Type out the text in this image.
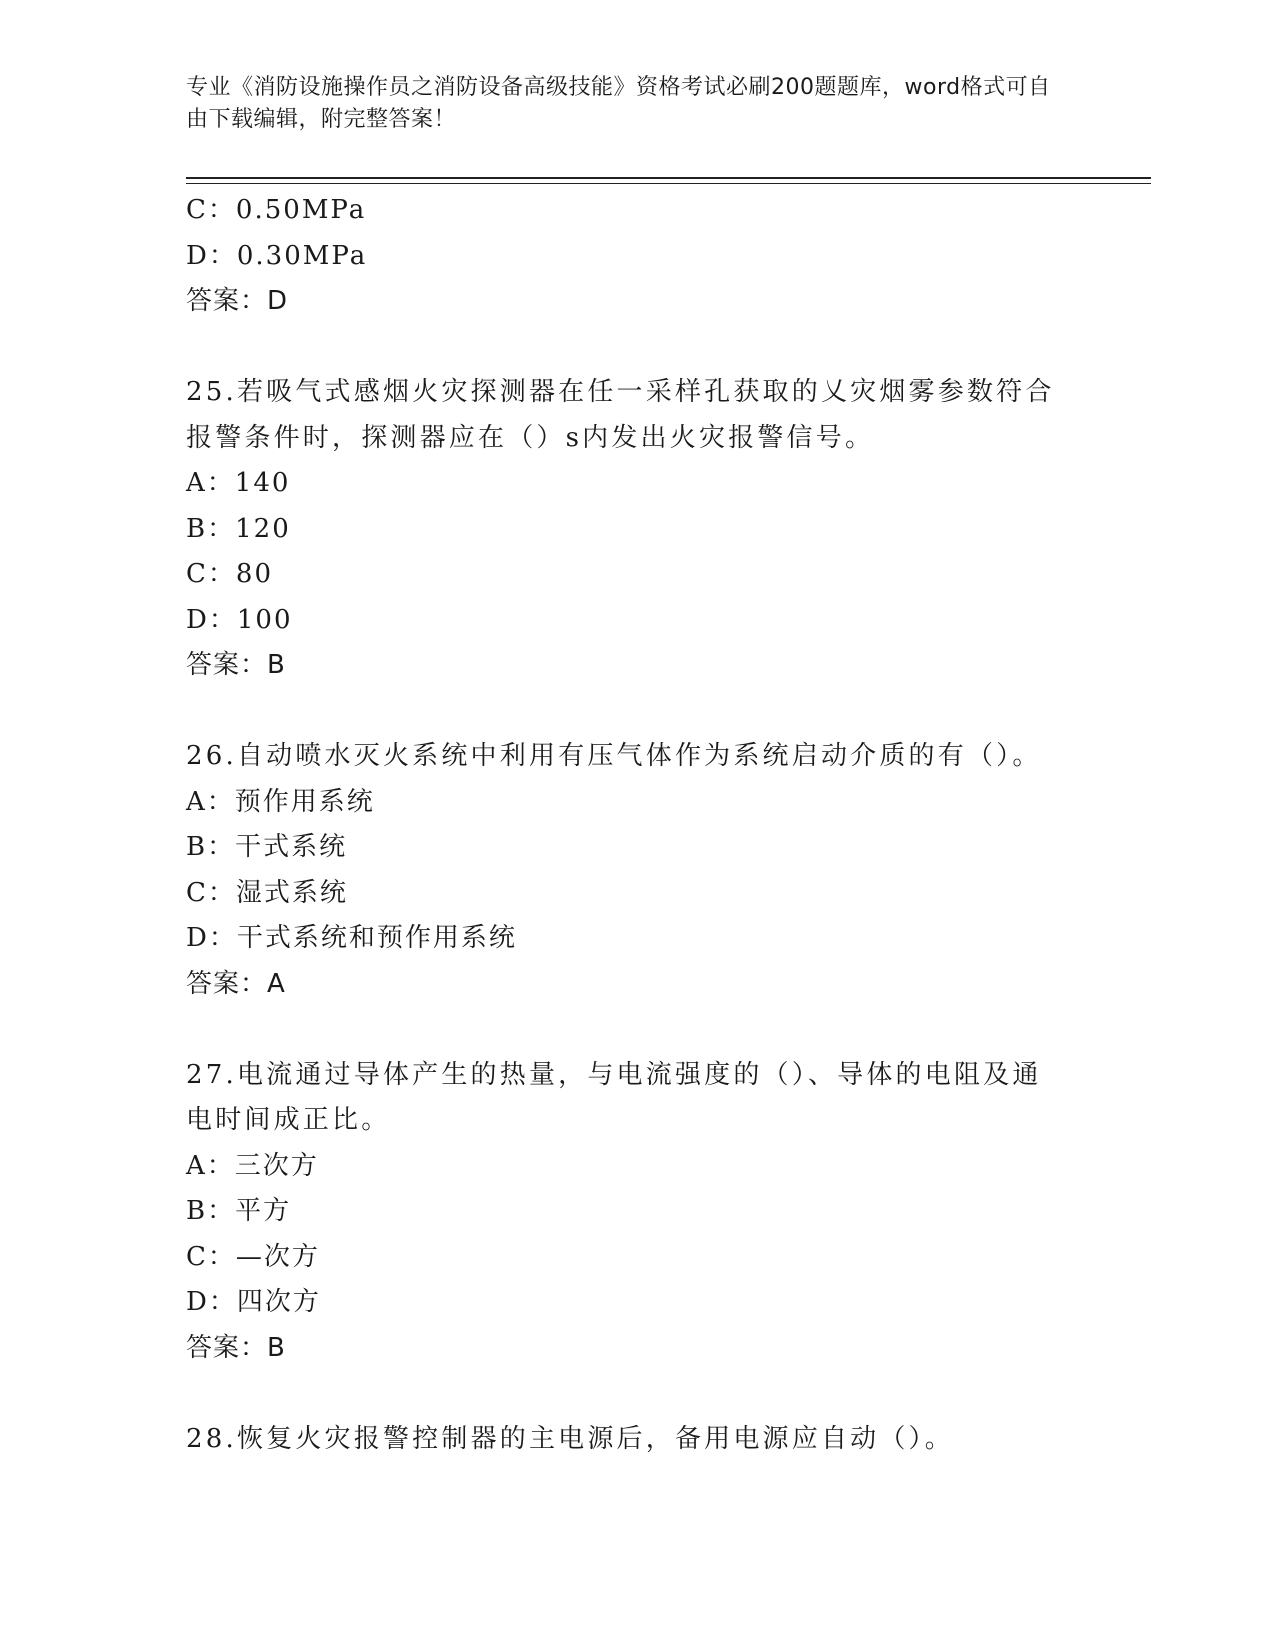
专业《消防设施操作员之消防设备高级技能》资格考试必刷200题题库，word格式可自由下载编辑，附完整答案！
C：0.50MPa
D：0.30MPa
答案：D
25.若吸气式感烟火灾探测器在任一采样孔获取的乂灾烟雾参数符合报警条件时，探测器应在（）s内发出火灾报警信号。
A：140
B：120
C：80
D：100
答案：B
26.自动喷水灭火系统中利用有压气体作为系统启动介质的有（）。
A：预作用系统
B：干式系统
C：湿式系统
D：干式系统和预作用系统
答案：A
27.电流通过导体产生的热量，与电流强度的（）、导体的电阻及通电时间成正比。
A：三次方
B：平方
C：—次方
D：四次方
答案：B
28.恢复火灾报警控制器的主电源后，备用电源应自动（）。
